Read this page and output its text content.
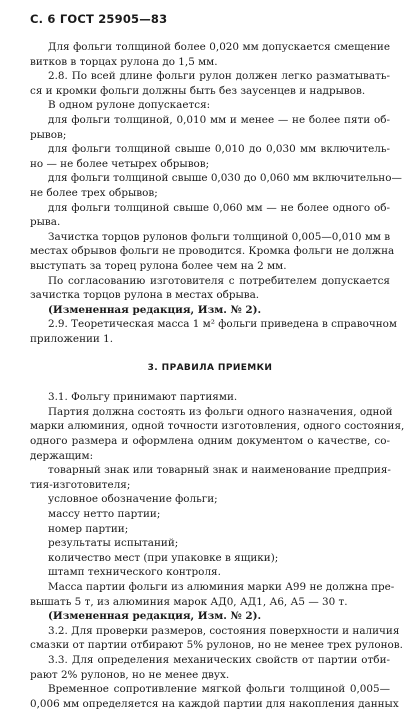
С. 6 ГОСТ 25905—83
Для фольги толщиной более 0,020 мм допускается смещение
витков в торцах рулона до 1,5 мм.
2.8. По всей длине фольги рулон должен легко разматывать-
ся и кромки фольги должны быть без заусенцев и надрывов.
В одном рулоне допускается:
для фольги толщиной, 0,010 мм и менее — не более пяти об-
рывов;
для фольги толщиной свыше 0,010 до 0,030 мм включитель-
но — не более четырех обрывов;
для фольги толщиной свыше 0,030 до 0,060 мм включительно—
не более трех обрывов;
для фольги толщиной свыше 0,060 мм — не более одного об-
рыва.
Зачистка торцов рулонов фольги толщиной 0,005—0,010 мм в
местах обрывов фольги не проводится. Кромка фольги не должна
выступать за торец рулона более чем на 2 мм.
По согласованию изготовителя с потребителем допускается
зачистка торцов рулона в местах обрыва.
(Измененная редакция, Изм. № 2).
2.9. Теоретическая масса 1 м² фольги приведена в справочном
приложении 1.
3. ПРАВИЛА ПРИЕМКИ
3.1. Фольгу принимают партиями.
Партия должна состоять из фольги одного назначения, одной
марки алюминия, одной точности изготовления, одного состояния,
одного размера и оформлена одним документом о качестве, со-
держащим:
товарный знак или товарный знак и наименование предприя-
тия-изготовителя;
условное обозначение фольги;
массу нетто партии;
номер партии;
результаты испытаний;
количество мест (при упаковке в ящики);
штамп технического контроля.
Масса партии фольги из алюминия марки А99 не должна пре-
вышать 5 т, из алюминия марок АД0, АД1, А6, А5 — 30 т.
(Измененная редакция, Изм. № 2).
3.2. Для проверки размеров, состояния поверхности и наличия
смазки от партии отбирают 5% рулонов, но не менее трех рулонов.
3.3. Для определения механических свойств от партии отби-
рают 2% рулонов, но не менее двух.
Временное сопротивление мягкой фольги толщиной 0,005—
0,006 мм определяется на каждой партии для накопления данных
